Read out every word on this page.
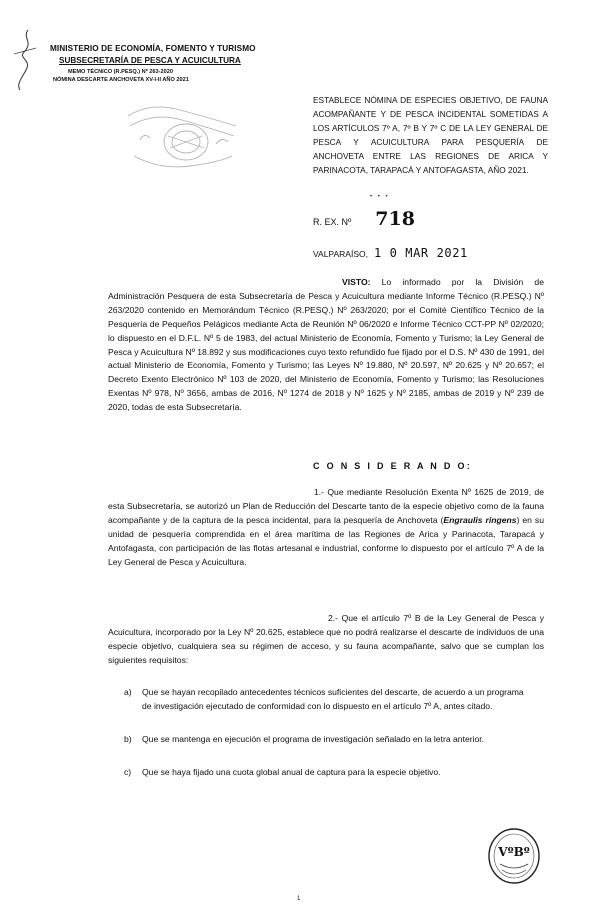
MINISTERIO DE ECONOMÍA, FOMENTO Y TURISMO
SUBSECRETARÍA DE PESCA Y ACUICULTURA
MEMO TÉCNICO (R.PESQ.) Nº 263-2020
NÓMINA DESCARTE ANCHOVETA XV-I-II AÑO 2021
ESTABLECE NÓMINA DE ESPECIES OBJETIVO, DE FAUNA ACOMPAÑANTE Y DE PESCA INCIDENTAL SOMETIDAS A LOS ARTÍCULOS 7º A, 7º B Y 7º C DE LA LEY GENERAL DE PESCA Y ACUICULTURA PARA PESQUERÍA DE ANCHOVETA ENTRE LAS REGIONES DE ARICA Y PARINACOTA, TARAPACÁ Y ANTOFAGASTA, AÑO 2021.
• • •
R. EX. Nº 718
VALPARAÍSO, 1 0 MAR 2021
VISTO: Lo informado por la División de Administración Pesquera de esta Subsecretaría de Pesca y Acuicultura mediante Informe Técnico (R.PESQ.) Nº 263/2020 contenido en Memorándum Técnico (R.PESQ.) Nº 263/2020; por el Comité Científico Técnico de la Pesquería de Pequeños Pelágicos mediante Acta de Reunión Nº 06/2020 e Informe Técnico CCT-PP Nº 02/2020; lo dispuesto en el D.F.L. Nº 5 de 1983, del actual Ministerio de Economía, Fomento y Turismo; la Ley General de Pesca y Acuicultura Nº 18.892 y sus modificaciones cuyo texto refundido fue fijado por el D.S. Nº 430 de 1991, del actual Ministerio de Economía, Fomento y Turismo; las Leyes Nº 19.880, Nº 20.597, Nº 20.625 y Nº 20.657; el Decreto Exento Electrónico Nº 103 de 2020, del Ministerio de Economía, Fomento y Turismo; las Resoluciones Exentas Nº 978, Nº 3656, ambas de 2016, Nº 1274 de 2018 y Nº 1625 y Nº 2185, ambas de 2019 y Nº 239 de 2020, todas de esta Subsecretaría.
C O N S I D E R A N D O:
1.- Que mediante Resolución Exenta Nº 1625 de 2019, de esta Subsecretaría, se autorizó un Plan de Reducción del Descarte tanto de la especie objetivo como de la fauna acompañante y de la captura de la pesca incidental, para la pesquería de Anchoveta (Engraulis ringens) en su unidad de pesquería comprendida en el área marítima de las Regiones de Arica y Parinacota, Tarapacá y Antofagasta, con participación de las flotas artesanal e industrial, conforme lo dispuesto por el artículo 7º A de la Ley General de Pesca y Acuicultura.
2.- Que el artículo 7º B de la Ley General de Pesca y Acuicultura, incorporado por la Ley Nº 20.625, establece que no podrá realizarse el descarte de individuos de una especie objetivo, cualquiera sea su régimen de acceso, y su fauna acompañante, salvo que se cumplan los siguientes requisitos:
a)	Que se hayan recopilado antecedentes técnicos suficientes del descarte, de acuerdo a un programa de investigación ejecutado de conformidad con lo dispuesto en el artículo 7º A, antes citado.
b)	Que se mantenga en ejecución el programa de investigación señalado en la letra anterior.
c)	Que se haya fijado una cuota global anual de captura para la especie objetivo.
VºBº
1
